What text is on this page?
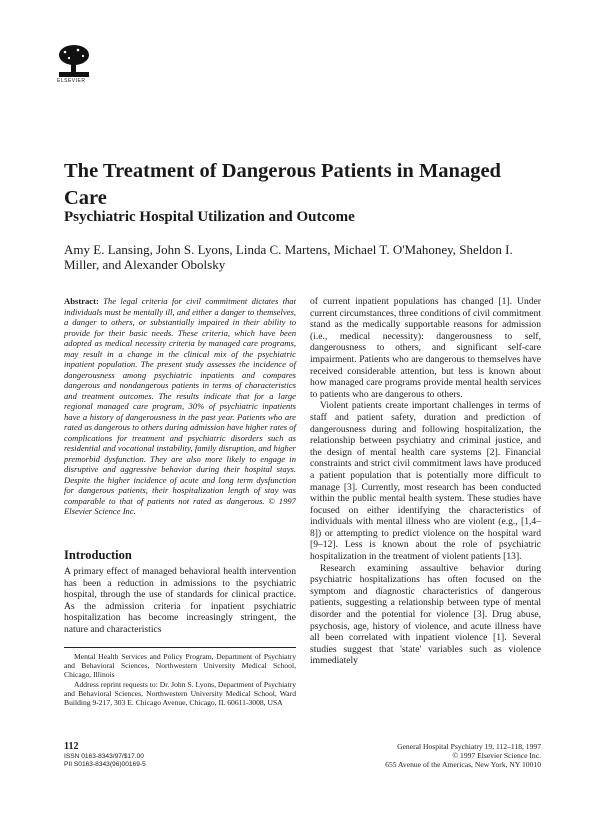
ELSEVIER
The Treatment of Dangerous Patients in Managed Care
Psychiatric Hospital Utilization and Outcome
Amy E. Lansing, John S. Lyons, Linda C. Martens, Michael T. O'Mahoney, Sheldon I. Miller, and Alexander Obolsky
Abstract: The legal criteria for civil commitment dictates that individuals must be mentally ill, and either a danger to themselves, a danger to others, or substantially impaired in their ability to provide for their basic needs. These criteria, which have been adopted as medical necessity criteria by managed care programs, may result in a change in the clinical mix of the psychiatric inpatient population. The present study assesses the incidence of dangerousness among psychiatric inpatients and compares dangerous and nondangerous patients in terms of characteristics and treatment outcomes. The results indicate that for a large regional managed care program, 30% of psychiatric inpatients have a history of dangerousness in the past year. Patients who are rated as dangerous to others during admission have higher rates of complications for treatment and psychiatric disorders such as residential and vocational instability, family disruption, and higher premorbid dysfunction. They are also more likely to engage in disruptive and aggressive behavior during their hospital stays. Despite the higher incidence of acute and long term dysfunction for dangerous patients, their hospitalization length of stay was comparable to that of patients not rated as dangerous. © 1997 Elsevier Science Inc.
Introduction
A primary effect of managed behavioral health intervention has been a reduction in admissions to the psychiatric hospital, through the use of standards for clinical practice. As the admission criteria for inpatient psychiatric hospitalization has become increasingly stringent, the nature and characteristics

Mental Health Services and Policy Program, Department of Psychiatry and Behavioral Sciences, Northwestern University Medical School, Chicago, Illinois

Address reprint requests to: Dr. John S. Lyons, Department of Psychiatry and Behavioral Sciences, Northwestern University Medical School, Ward Building 9-217, 303 E. Chicago Avenue, Chicago, IL 60611-3008, USA

112
ISSN 0163-8343/97/$17.00
PII S0163-8343(96)00169-5

of current inpatient populations has changed [1]. Under current circumstances, three conditions of civil commitment stand as the medically supportable reasons for admission (i.e., medical necessity): dangerousness to self, dangerousness to others, and significant self-care impairment. Patients who are dangerous to themselves have received considerable attention, but less is known about how managed care programs provide mental health services to patients who are dangerous to others.

Violent patients create important challenges in terms of staff and patient safety, duration and prediction of dangerousness during and following hospitalization, the relationship between psychiatry and criminal justice, and the design of mental health care systems [2]. Financial constraints and strict civil commitment laws have produced a patient population that is potentially more difficult to manage [3]. Currently, most research has been conducted within the public mental health system. These studies have focused on either identifying the characteristics of individuals with mental illness who are violent (e.g., [1,4–8]) or attempting to predict violence on the hospital ward [9–12]. Less is known about the role of psychiatric hospitalization in the treatment of violent patients [13].

Research examining assaultive behavior during psychiatric hospitalizations has often focused on the symptom and diagnostic characteristics of dangerous patients, suggesting a relationship between type of mental disorder and the potential for violence [3]. Drug abuse, psychosis, age, history of violence, and acute illness have all been correlated with inpatient violence [1]. Several studies suggest that 'state' variables such as violence immediately

General Hospital Psychiatry 19, 112–118, 1997
© 1997 Elsevier Science Inc.
655 Avenue of the Americas, New York, NY 10010
